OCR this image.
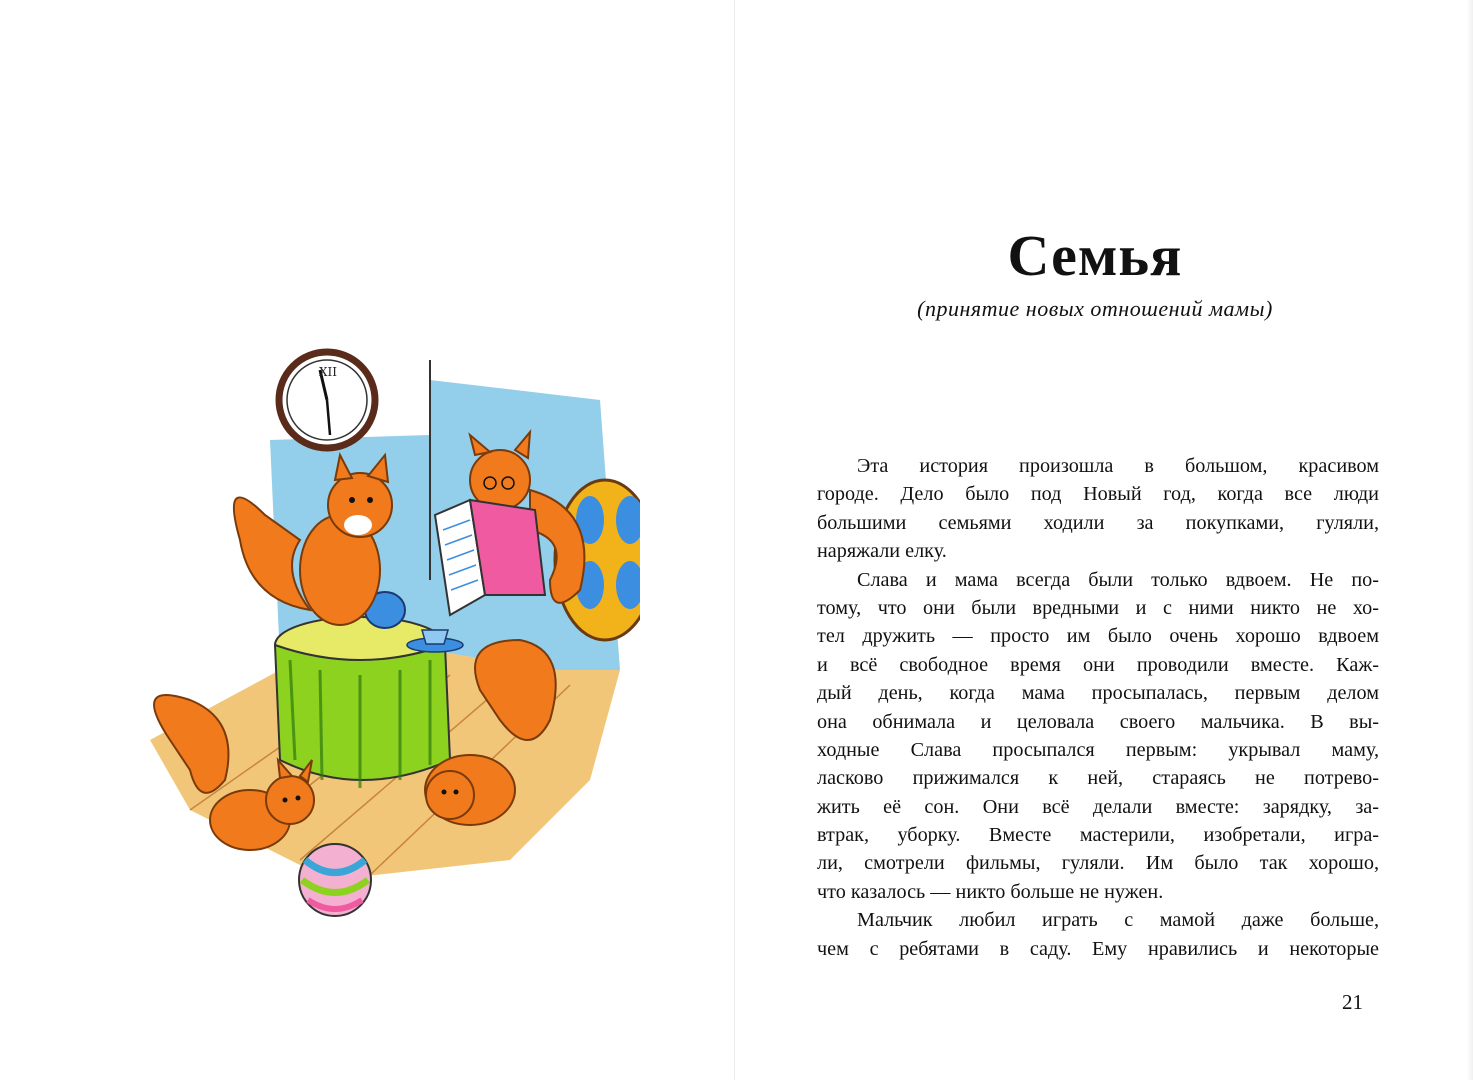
XII
Семья
(принятие новых отношений мамы)
Эта история произошла в большом, красивом
городе. Дело было под Новый год, когда все люди
большими семьями ходили за покупками, гуляли,
наряжали елку.
Слава и мама всегда были только вдвоем. Не по-
тому, что они были вредными и с ними никто не хо-
тел дружить — просто им было очень хорошо вдвоем
и всё свободное время они проводили вместе. Каж-
дый день, когда мама просыпалась, первым делом
она обнимала и целовала своего мальчика. В вы-
ходные Слава просыпался первым: укрывал маму,
ласково прижимался к ней, стараясь не потрево-
жить её сон. Они всё делали вместе: зарядку, за-
втрак, уборку. Вместе мастерили, изобретали, игра-
ли, смотрели фильмы, гуляли. Им было так хорошо,
что казалось — никто больше не нужен.
Мальчик любил играть с мамой даже больше,
чем с ребятами в саду. Ему нравились и некоторые
21
